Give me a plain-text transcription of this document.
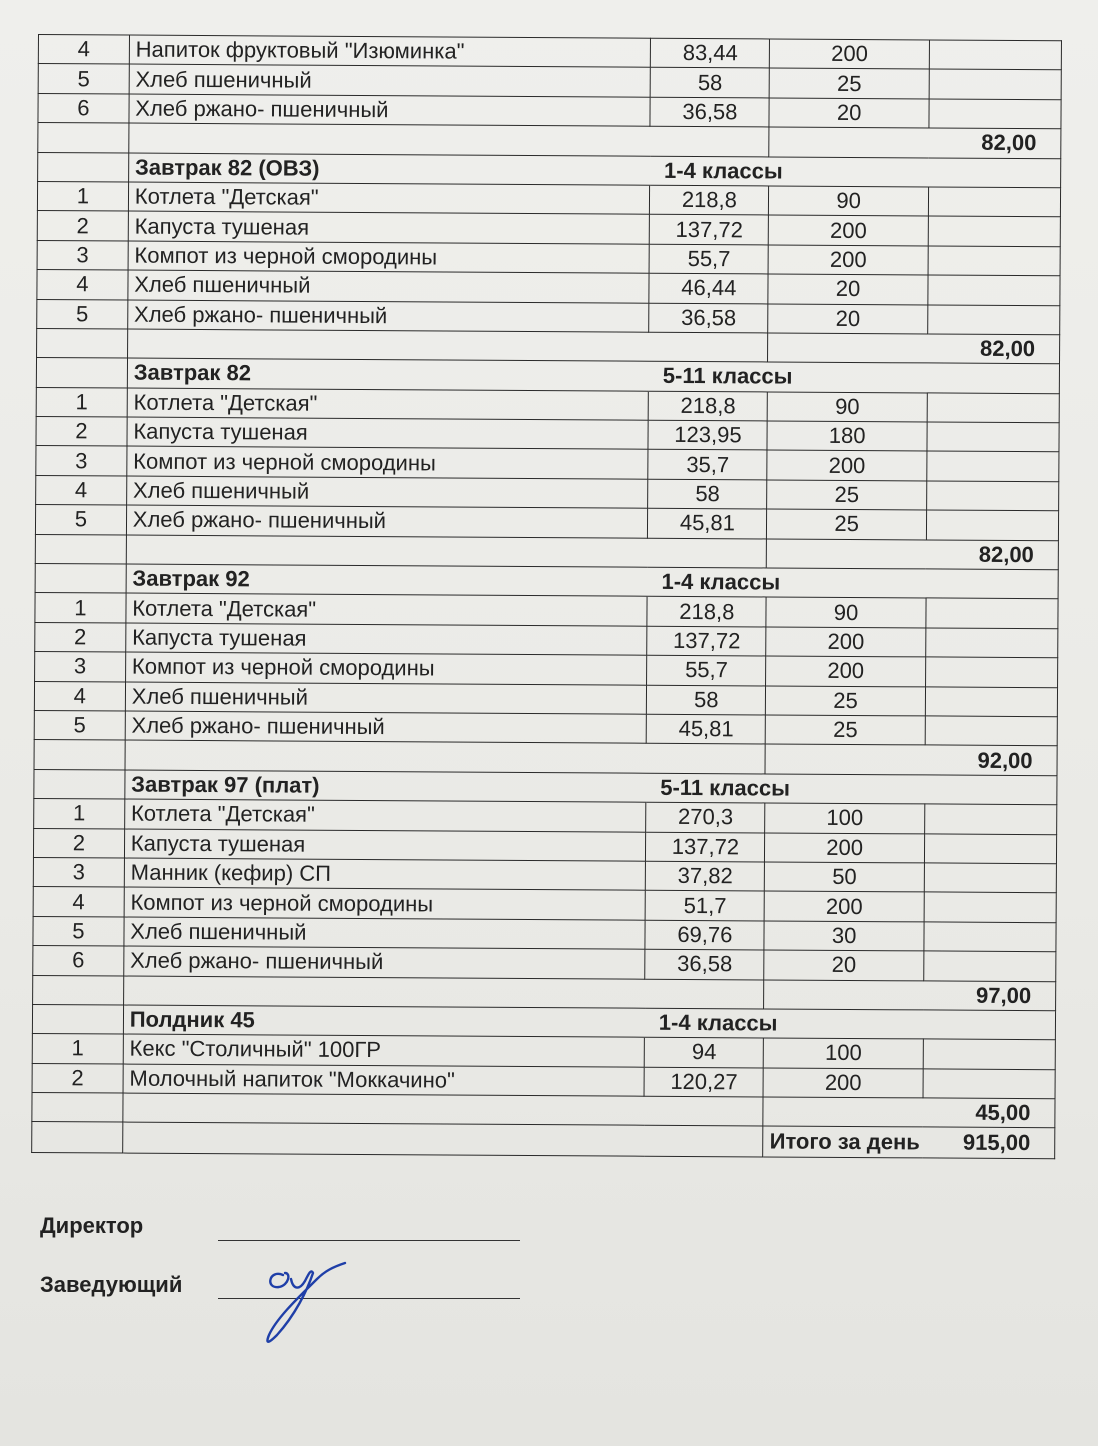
4	Напиток фруктовый "Изюминка"	83,44	200	
5	Хлеб пшеничный	58	25	
6	Хлеб ржано- пшеничный	36,58	20	
			82,00	
	Завтрак 82 (ОВЗ)	1-4 классы		
1	Котлета "Детская"	218,8	90	
2	Капуста тушеная	137,72	200	
3	Компот из черной смородины	55,7	200	
4	Хлеб пшеничный	46,44	20	
5	Хлеб ржано- пшеничный	36,58	20	
			82,00	
	Завтрак 82	5-11 классы		
1	Котлета "Детская"	218,8	90	
2	Капуста тушеная	123,95	180	
3	Компот из черной смородины	35,7	200	
4	Хлеб пшеничный	58	25	
5	Хлеб ржано- пшеничный	45,81	25	
			82,00	
	Завтрак 92	1-4 классы		
1	Котлета "Детская"	218,8	90	
2	Капуста тушеная	137,72	200	
3	Компот из черной смородины	55,7	200	
4	Хлеб пшеничный	58	25	
5	Хлеб ржано- пшеничный	45,81	25	
			92,00	
	Завтрак 97 (плат)	5-11 классы		
1	Котлета "Детская"	270,3	100	
2	Капуста тушеная	137,72	200	
3	Манник (кефир) СП	37,82	50	
4	Компот из черной смородины	51,7	200	
5	Хлеб пшеничный	69,76	30	
6	Хлеб ржано- пшеничный	36,58	20	
			97,00	
	Полдник 45	1-4 классы		
1	Кекс "Столичный" 100ГР	94	100	
2	Молочный напиток "Моккачино"	120,27	200	
			45,00	
			Итого за день	915,00
Директор
Заведующий
